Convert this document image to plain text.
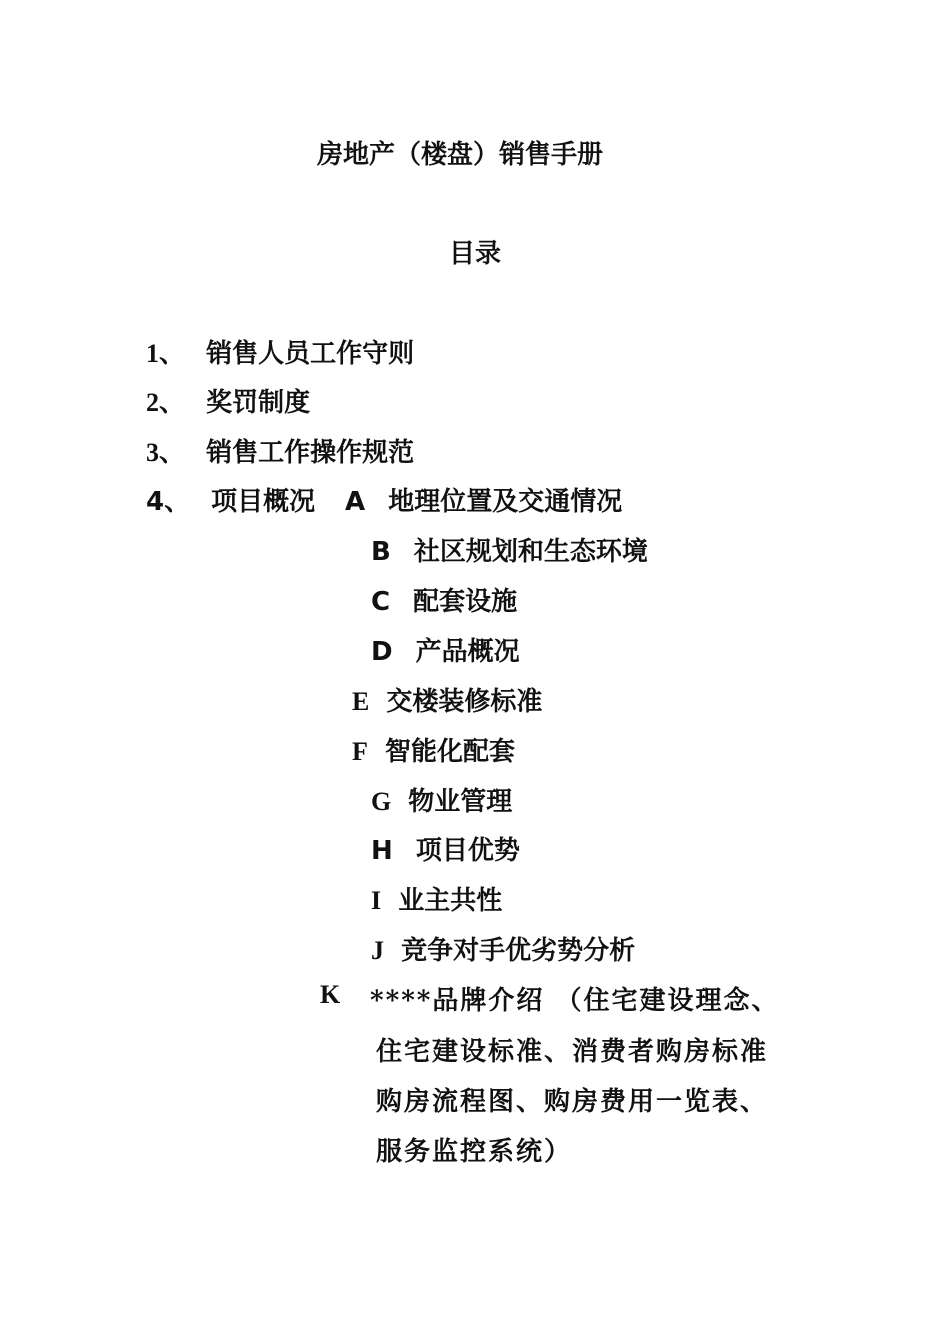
房地产（楼盘）销售手册
目录
1、 销售人员工作守则
2、 奖罚制度
3、 销售工作操作规范
4、 项目概况 A 地理位置及交通情况
B 社区规划和生态环境
C 配套设施
D 产品概况
E 交楼装修标准
F 智能化配套
G 物业管理
H 项目优势
I 业主共性
J 竞争对手优劣势分析
K ****品牌介绍 （住宅建设理念、
住宅建设标准、消费者购房标准
购房流程图、购房费用一览表、
服务监控系统）
